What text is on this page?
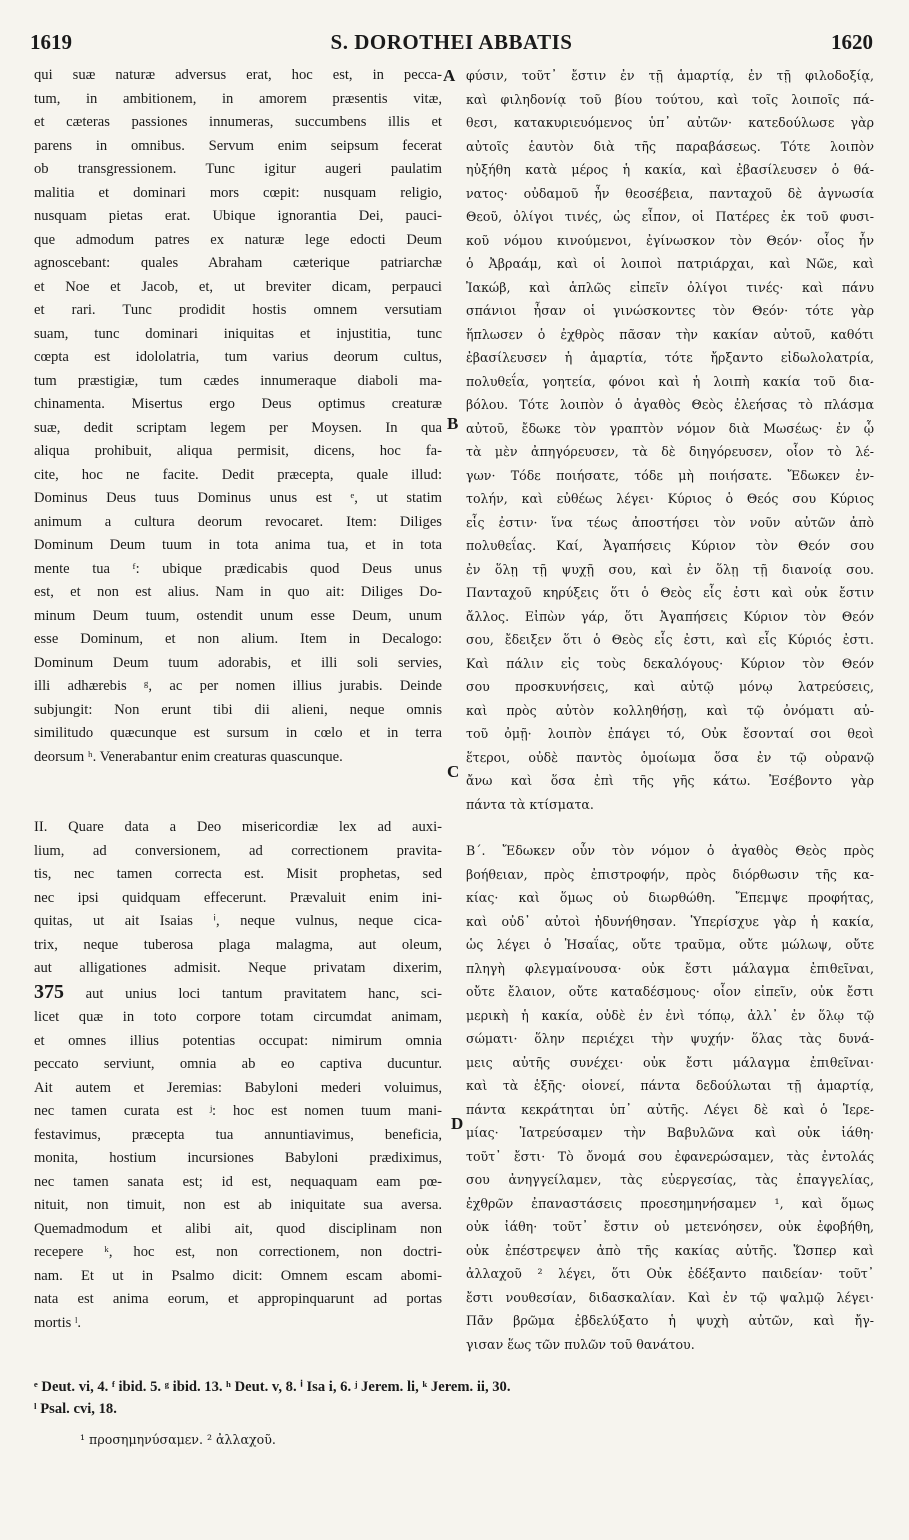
1619	S. DOROTHEI ABBATIS	1620
A
B
C
D
qui suæ naturæ adversus erat, hoc est, in pecca-
tum, in ambitionem, in amorem præsentis vitæ,
et cæteras passiones innumeras, succumbens illis et
parens in omnibus. Servum enim seipsum fecerat
ob transgressionem. Tunc igitur augeri paulatim
malitia et dominari mors cœpit: nusquam religio,
nusquam pietas erat. Ubique ignorantia Dei, pauci-
que admodum patres ex naturæ lege edocti Deum
agnoscebant: quales Abraham cæterique patriarchæ
et Noe et Jacob, et, ut breviter dicam, perpauci
et rari. Tunc prodidit hostis omnem versutiam
suam, tunc dominari iniquitas et injustitia, tunc
cœpta est idololatria, tum varius deorum cultus,
tum præstigiæ, tum cædes innumeraque diaboli ma-
chinamenta. Misertus ergo Deus optimus creaturæ
suæ, dedit scriptam legem per Moysen. In qua
aliqua prohibuit, aliqua permisit, dicens, hoc fa-
cite, hoc ne facite. Dedit præcepta, quale illud:
Dominus Deus tuus Dominus unus est ᵉ, ut statim
animum a cultura deorum revocaret. Item: Diliges
Dominum Deum tuum in tota anima tua, et in tota
mente tua ᶠ: ubique prædicabis quod Deus unus
est, et non est alius. Nam in quo ait: Diliges Do-
minum Deum tuum, ostendit unum esse Deum, unum
esse Dominum, et non alium. Item in Decalogo:
Dominum Deum tuum adorabis, et illi soli servies,
illi adhærebis ᵍ, ac per nomen illius jurabis. Deinde
subjungit: Non erunt tibi dii alieni, neque omnis
similitudo quæcunque est sursum in cœlo et in terra
deorsum ʰ. Venerabantur enim creaturas quascunque.
II. Quare data a Deo misericordiæ lex ad auxi-
lium, ad conversionem, ad correctionem pravita-
tis, nec tamen correcta est. Misit prophetas, sed
nec ipsi quidquam effecerunt. Prævaluit enim ini-
quitas, ut ait Isaias ⁱ, neque vulnus, neque cica-
trix, neque tuberosa plaga malagma, aut oleum,
aut alligationes admisit. Neque privatam dixerim,
375 aut unius loci tantum pravitatem hanc, sci-
licet quæ in toto corpore totam circumdat animam,
et omnes illius potentias occupat: nimirum omnia
peccato serviunt, omnia ab eo captiva ducuntur.
Ait autem et Jeremias: Babyloni mederi voluimus,
nec tamen curata est ʲ: hoc est nomen tuum mani-
festavimus, præcepta tua annuntiavimus, beneficia,
monita, hostium incursiones Babyloni prædiximus,
nec tamen sanata est; id est, nequaquam eam pœ-
nituit, non timuit, non est ab iniquitate sua aversa.
Quemadmodum et alibi ait, quod disciplinam non
recepere ᵏ, hoc est, non correctionem, non doctri-
nam. Et ut in Psalmo dicit: Omnem escam abomi-
nata est anima eorum, et appropinquarunt ad portas
mortis ˡ.
φύσιν, τοῦτ᾿ ἔστιν ἐν τῇ ἁμαρτίᾳ, ἐν τῇ φιλοδοξίᾳ,
καὶ φιληδονίᾳ τοῦ βίου τούτου, καὶ τοῖς λοιποῖς πά-
θεσι, κατακυριευόμενος ὑπ᾿ αὐτῶν· κατεδούλωσε γὰρ
αὐτοῖς ἑαυτὸν διὰ τῆς παραβάσεως. Τότε λοιπὸν
ηὐξήθη κατὰ μέρος ἡ κακία, καὶ ἐβασίλευσεν ὁ θά-
νατος· οὐδαμοῦ ἦν θεοσέβεια, πανταχοῦ δὲ ἀγνωσία
Θεοῦ, ὀλίγοι τινές, ὡς εἶπον, οἱ Πατέρες ἐκ τοῦ φυσι-
κοῦ νόμου κινούμενοι, ἐγίνωσκον τὸν Θεόν· οἷος ἦν
ὁ Ἀβραάμ, καὶ οἱ λοιποὶ πατριάρχαι, καὶ Νῶε, καὶ
Ἰακώβ, καὶ ἁπλῶς εἰπεῖν ὀλίγοι τινές· καὶ πάνυ
σπάνιοι ἦσαν οἱ γινώσκοντες τὸν Θεόν· τότε γὰρ
ἥπλωσεν ὁ ἐχθρὸς πᾶσαν τὴν κακίαν αὐτοῦ, καθότι
ἐβασίλευσεν ἡ ἁμαρτία, τότε ἤρξαντο εἰδωλολατρία,
πολυθεΐα, γοητεία, φόνοι καὶ ἡ λοιπὴ κακία τοῦ δια-
βόλου. Τότε λοιπὸν ὁ ἀγαθὸς Θεὸς ἐλεήσας τὸ πλάσμα
αὐτοῦ, ἔδωκε τὸν γραπτὸν νόμον διὰ Μωσέως· ἐν ᾧ
τὰ μὲν ἀπηγόρευσεν, τὰ δὲ διηγόρευσεν, οἷον τὸ λέ-
γων· Τόδε ποιήσατε, τόδε μὴ ποιήσατε. Ἔδωκεν ἐν-
τολήν, καὶ εὐθέως λέγει· Κύριος ὁ Θεός σου Κύριος
εἷς ἐστιν· ἵνα τέως ἀποστήσει τὸν νοῦν αὐτῶν ἀπὸ
πολυθεΐας. Καί, Ἀγαπήσεις Κύριον τὸν Θεόν σου
ἐν ὅλῃ τῇ ψυχῇ σου, καὶ ἐν ὅλῃ τῇ διανοίᾳ σου.
Πανταχοῦ κηρύξεις ὅτι ὁ Θεὸς εἷς ἐστι καὶ οὐκ ἔστιν
ἄλλος. Εἰπὼν γάρ, ὅτι Ἀγαπήσεις Κύριον τὸν Θεόν
σου, ἔδειξεν ὅτι ὁ Θεὸς εἷς ἐστι, καὶ εἷς Κύριός ἐστι.
Καὶ πάλιν εἰς τοὺς δεκαλόγους· Κύριον τὸν Θεόν
σου προσκυνήσεις, καὶ αὐτῷ μόνῳ λατρεύσεις,
καὶ πρὸς αὐτὸν κολληθήσῃ, καὶ τῷ ὀνόματι αὐ-
τοῦ ὀμῇ· λοιπὸν ἐπάγει τό, Οὐκ ἔσονταί σοι θεοὶ
ἕτεροι, οὐδὲ παντὸς ὁμοίωμα ὅσα ἐν τῷ οὐρανῷ
ἄνω καὶ ὅσα ἐπὶ τῆς γῆς κάτω. Ἐσέβοντο γὰρ
πάντα τὰ κτίσματα.
Β΄. Ἔδωκεν οὖν τὸν νόμον ὁ ἀγαθὸς Θεὸς πρὸς
βοήθειαν, πρὸς ἐπιστροφήν, πρὸς διόρθωσιν τῆς κα-
κίας· καὶ ὅμως οὐ διωρθώθη. Ἔπεμψε προφήτας,
καὶ οὐδ᾿ αὐτοὶ ἠδυνήθησαν. Ὑπερίσχυε γὰρ ἡ κακία,
ὡς λέγει ὁ Ἡσαΐας, οὔτε τραῦμα, οὔτε μώλωψ, οὔτε
πληγὴ φλεγμαίνουσα· οὐκ ἔστι μάλαγμα ἐπιθεῖναι,
οὔτε ἔλαιον, οὔτε καταδέσμους· οἷον εἰπεῖν, οὐκ ἔστι
μερικὴ ἡ κακία, οὐδὲ ἐν ἑνὶ τόπῳ, ἀλλ᾿ ἐν ὅλῳ τῷ
σώματι· ὅλην περιέχει τὴν ψυχήν· ὅλας τὰς δυνά-
μεις αὐτῆς συνέχει· οὐκ ἔστι μάλαγμα ἐπιθεῖναι·
καὶ τὰ ἑξῆς· οἱονεί, πάντα δεδούλωται τῇ ἁμαρτίᾳ,
πάντα κεκράτηται ὑπ᾿ αὐτῆς. Λέγει δὲ καὶ ὁ Ἱερε-
μίας· Ἰατρεύσαμεν τὴν Βαβυλῶνα καὶ οὐκ ἰάθη·
τοῦτ᾿ ἔστι· Τὸ ὄνομά σου ἐφανερώσαμεν, τὰς ἐντολάς
σου ἀνηγγείλαμεν, τὰς εὐεργεσίας, τὰς ἐπαγγελίας,
ἐχθρῶν ἐπαναστάσεις προεσημηνήσαμεν ¹, καὶ ὅμως
οὐκ ἰάθη· τοῦτ᾿ ἔστιν οὐ μετενόησεν, οὐκ ἐφοβήθη,
οὐκ ἐπέστρεψεν ἀπὸ τῆς κακίας αὐτῆς. Ὥσπερ καὶ
ἀλλαχοῦ ² λέγει, ὅτι Οὐκ ἐδέξαντο παιδείαν· τοῦτ᾿
ἔστι νουθεσίαν, διδασκαλίαν. Καὶ ἐν τῷ ψαλμῷ λέγει·
Πᾶν βρῶμα ἐβδελύξατο ἡ ψυχὴ αὐτῶν, καὶ ἤγ-
γισαν ἕως τῶν πυλῶν τοῦ θανάτου.
ᵉ Deut. vi, 4. ᶠ ibid. 5. ᵍ ibid. 13. ʰ Deut. v, 8. ⁱ Isa i, 6. ʲ Jerem. li, ᵏ Jerem. ii, 30.
ˡ Psal. cvi, 18.
¹ προσημηνύσαμεν. ² ἀλλαχοῦ.
